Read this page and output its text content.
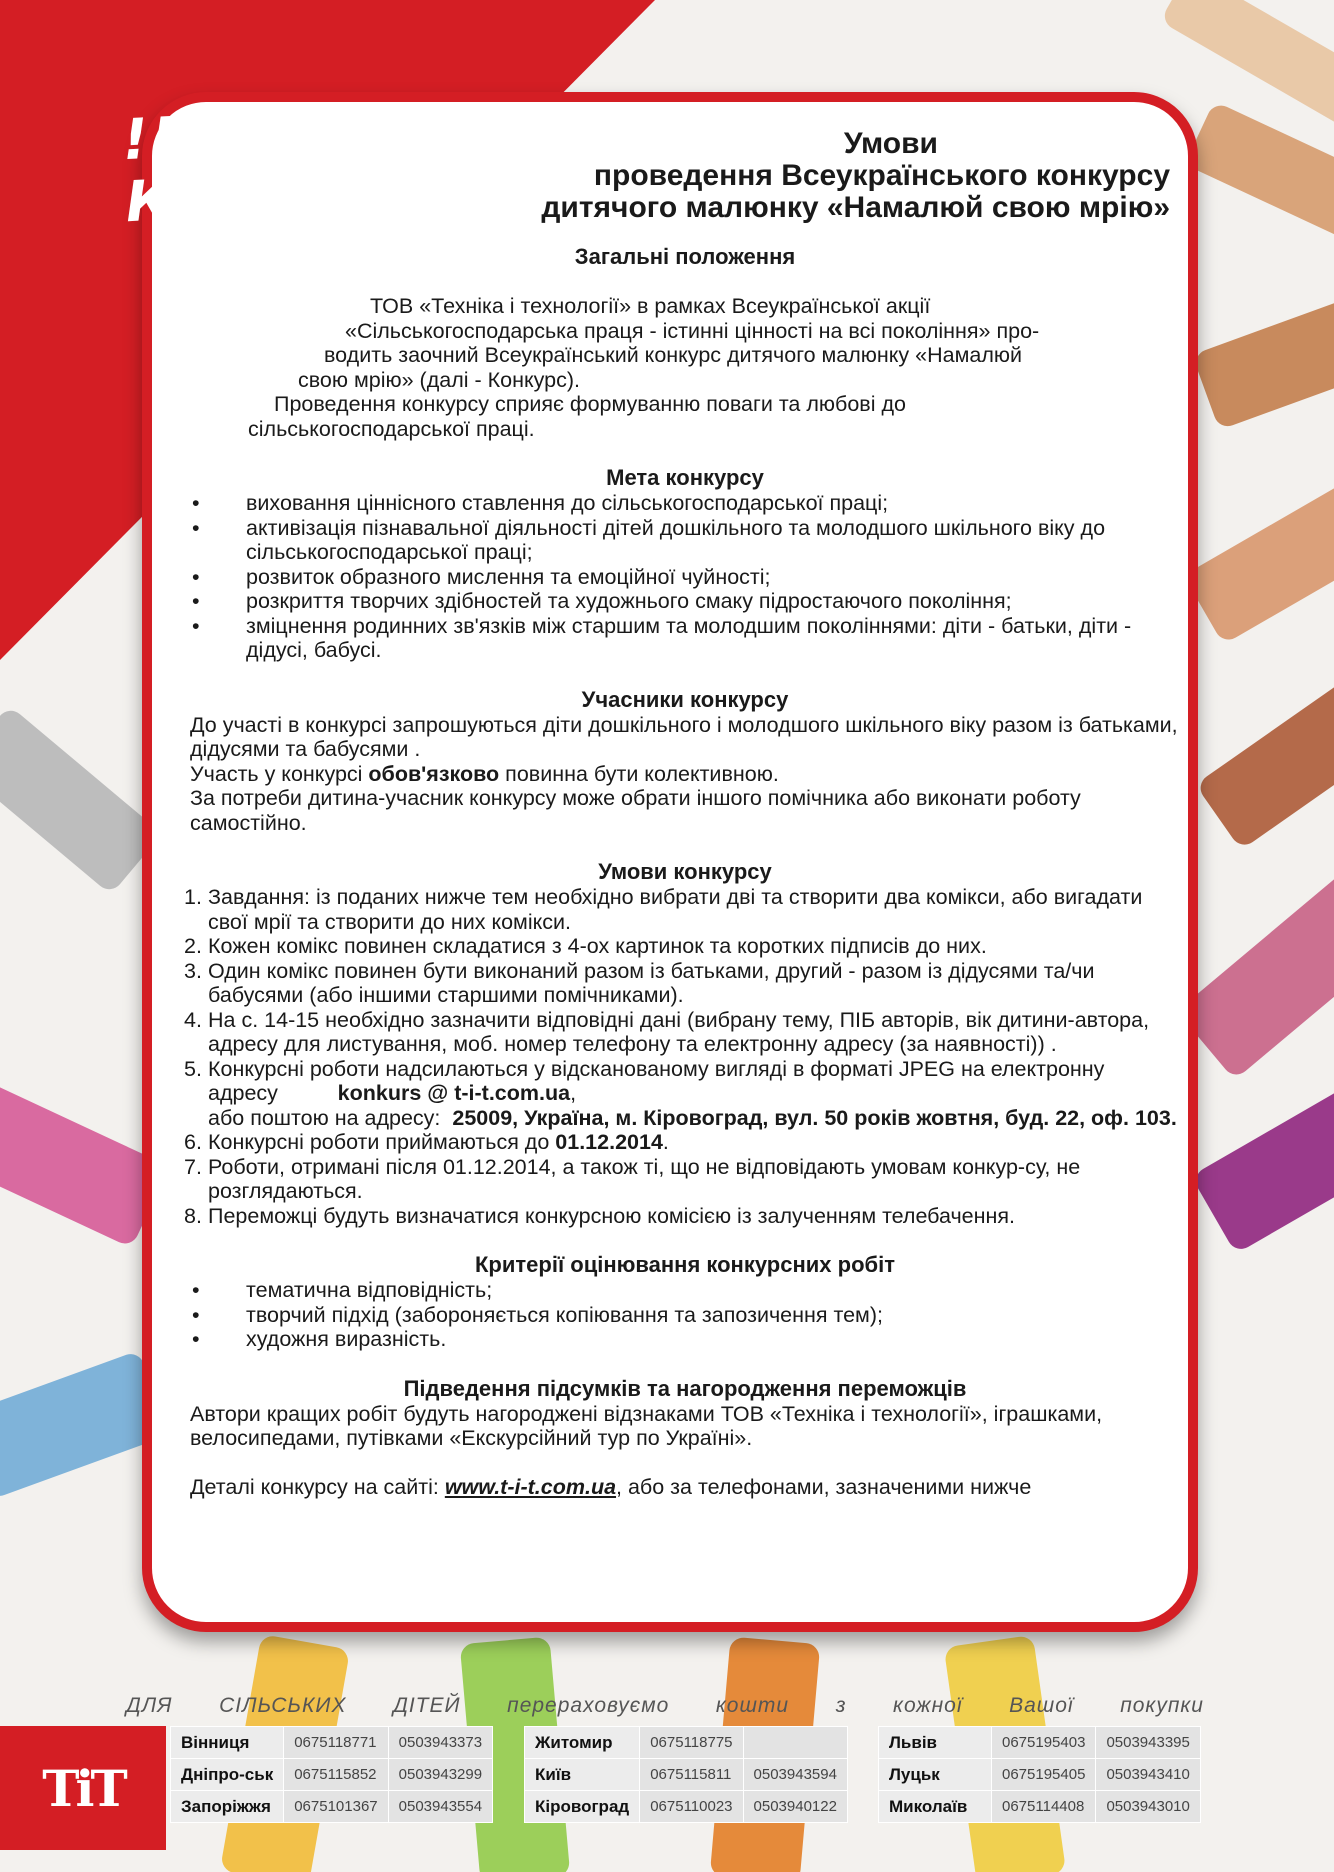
!!! УВАГА
КОНКУРС ▶▶
Умови
проведення Всеукраїнського конкурсу
дитячого малюнку «Намалюй свою мрію»
Загальні положення

ТОВ «Техніка і технології» в рамках Всеукраїнської акції

«Сільськогосподарська праця - істинні цінності на всі покоління» про-

водить заочний Всеукраїнський конкурс дитячого малюнку «Намалюй

свою мрію» (далі - Конкурс).

Проведення конкурсу сприяє формуванню поваги та любові до

сільськогосподарської праці.

Мета конкурсу
• виховання ціннісного ставлення до сільськогосподарської праці;
• активізація пізнавальної діяльності дітей дошкільного та молодшого шкільного віку до сільськогосподарської праці;
• розвиток образного мислення та емоційної чуйності;
• розкриття творчих здібностей та художнього смаку підростаючого покоління;
• зміцнення родинних зв'язків між старшим та молодшим поколіннями: діти - батьки, діти - дідусі, бабусі.
Учасники конкурсу

До участі в конкурсі запрошуються діти дошкільного і молодшого шкільного віку разом із батьками, дідусями та бабусями .

Участь у конкурсі обов'язково повинна бути колективною.

За потреби дитина-учасник конкурсу може обрати іншого помічника або виконати роботу самостійно.

Умови конкурсу
Завдання: із поданих нижче тем необхідно вибрати дві та створити два комікси, або вигадати свої мрії та створити до них комікси.
Кожен комікс повинен складатися з 4-ох картинок та коротких підписів до них.
Один комікс повинен бути виконаний разом із батьками, другий - разом із дідусями та/чи бабусями (або іншими старшими помічниками).
На с. 14-15 необхідно зазначити відповідні дані (вибрану тему, ПІБ авторів, вік дитини-автора, адресу для листування, моб. номер телефону та електронну адресу (за наявності)) .
Конкурсні роботи надсилаються у відсканованому вигляді в форматі JPEG на електронну адресу	konkurs @ t-i-t.com.ua,
або поштою на адресу: 25009, Україна, м. Кіровоград, вул. 50 років жовтня, буд. 22, оф. 103.
Конкурсні роботи приймаються до 01.12.2014.
Роботи, отримані після 01.12.2014, а також ті, що не відповідають умовам конкур-су, не розглядаються.
Переможці будуть визначатися конкурсною комісією із залученням телебачення.
Критерії оцінювання конкурсних робіт
• тематична відповідність;
• творчий підхід (забороняється копіювання та запозичення тем);
• художня виразність.
Підведення підсумків та нагородження переможців

Автори кращих робіт будуть нагороджені відзнаками ТОВ «Техніка і технології», іграшками, велосипедами, путівками «Екскурсійний тур по Україні».

Деталі конкурсу на сайті: www.t-i-t.com.ua, або за телефонами, зазначеними нижче

ДЛЯ СІЛЬСЬКИХ ДІТЕЙ перераховуємо кошти з кожної Вашої покупки
ТіТ
Вінниця	0675118771	0503943373
Дніпро-ськ	0675115852	0503943299
Запоріжжя	0675101367	0503943554
Житомир	0675118775	
Київ	0675115811	0503943594
Кіровоград	0675110023	0503940122
Львів	0675195403	0503943395
Луцьк	0675195405	0503943410
Миколаїв	0675114408	0503943010
